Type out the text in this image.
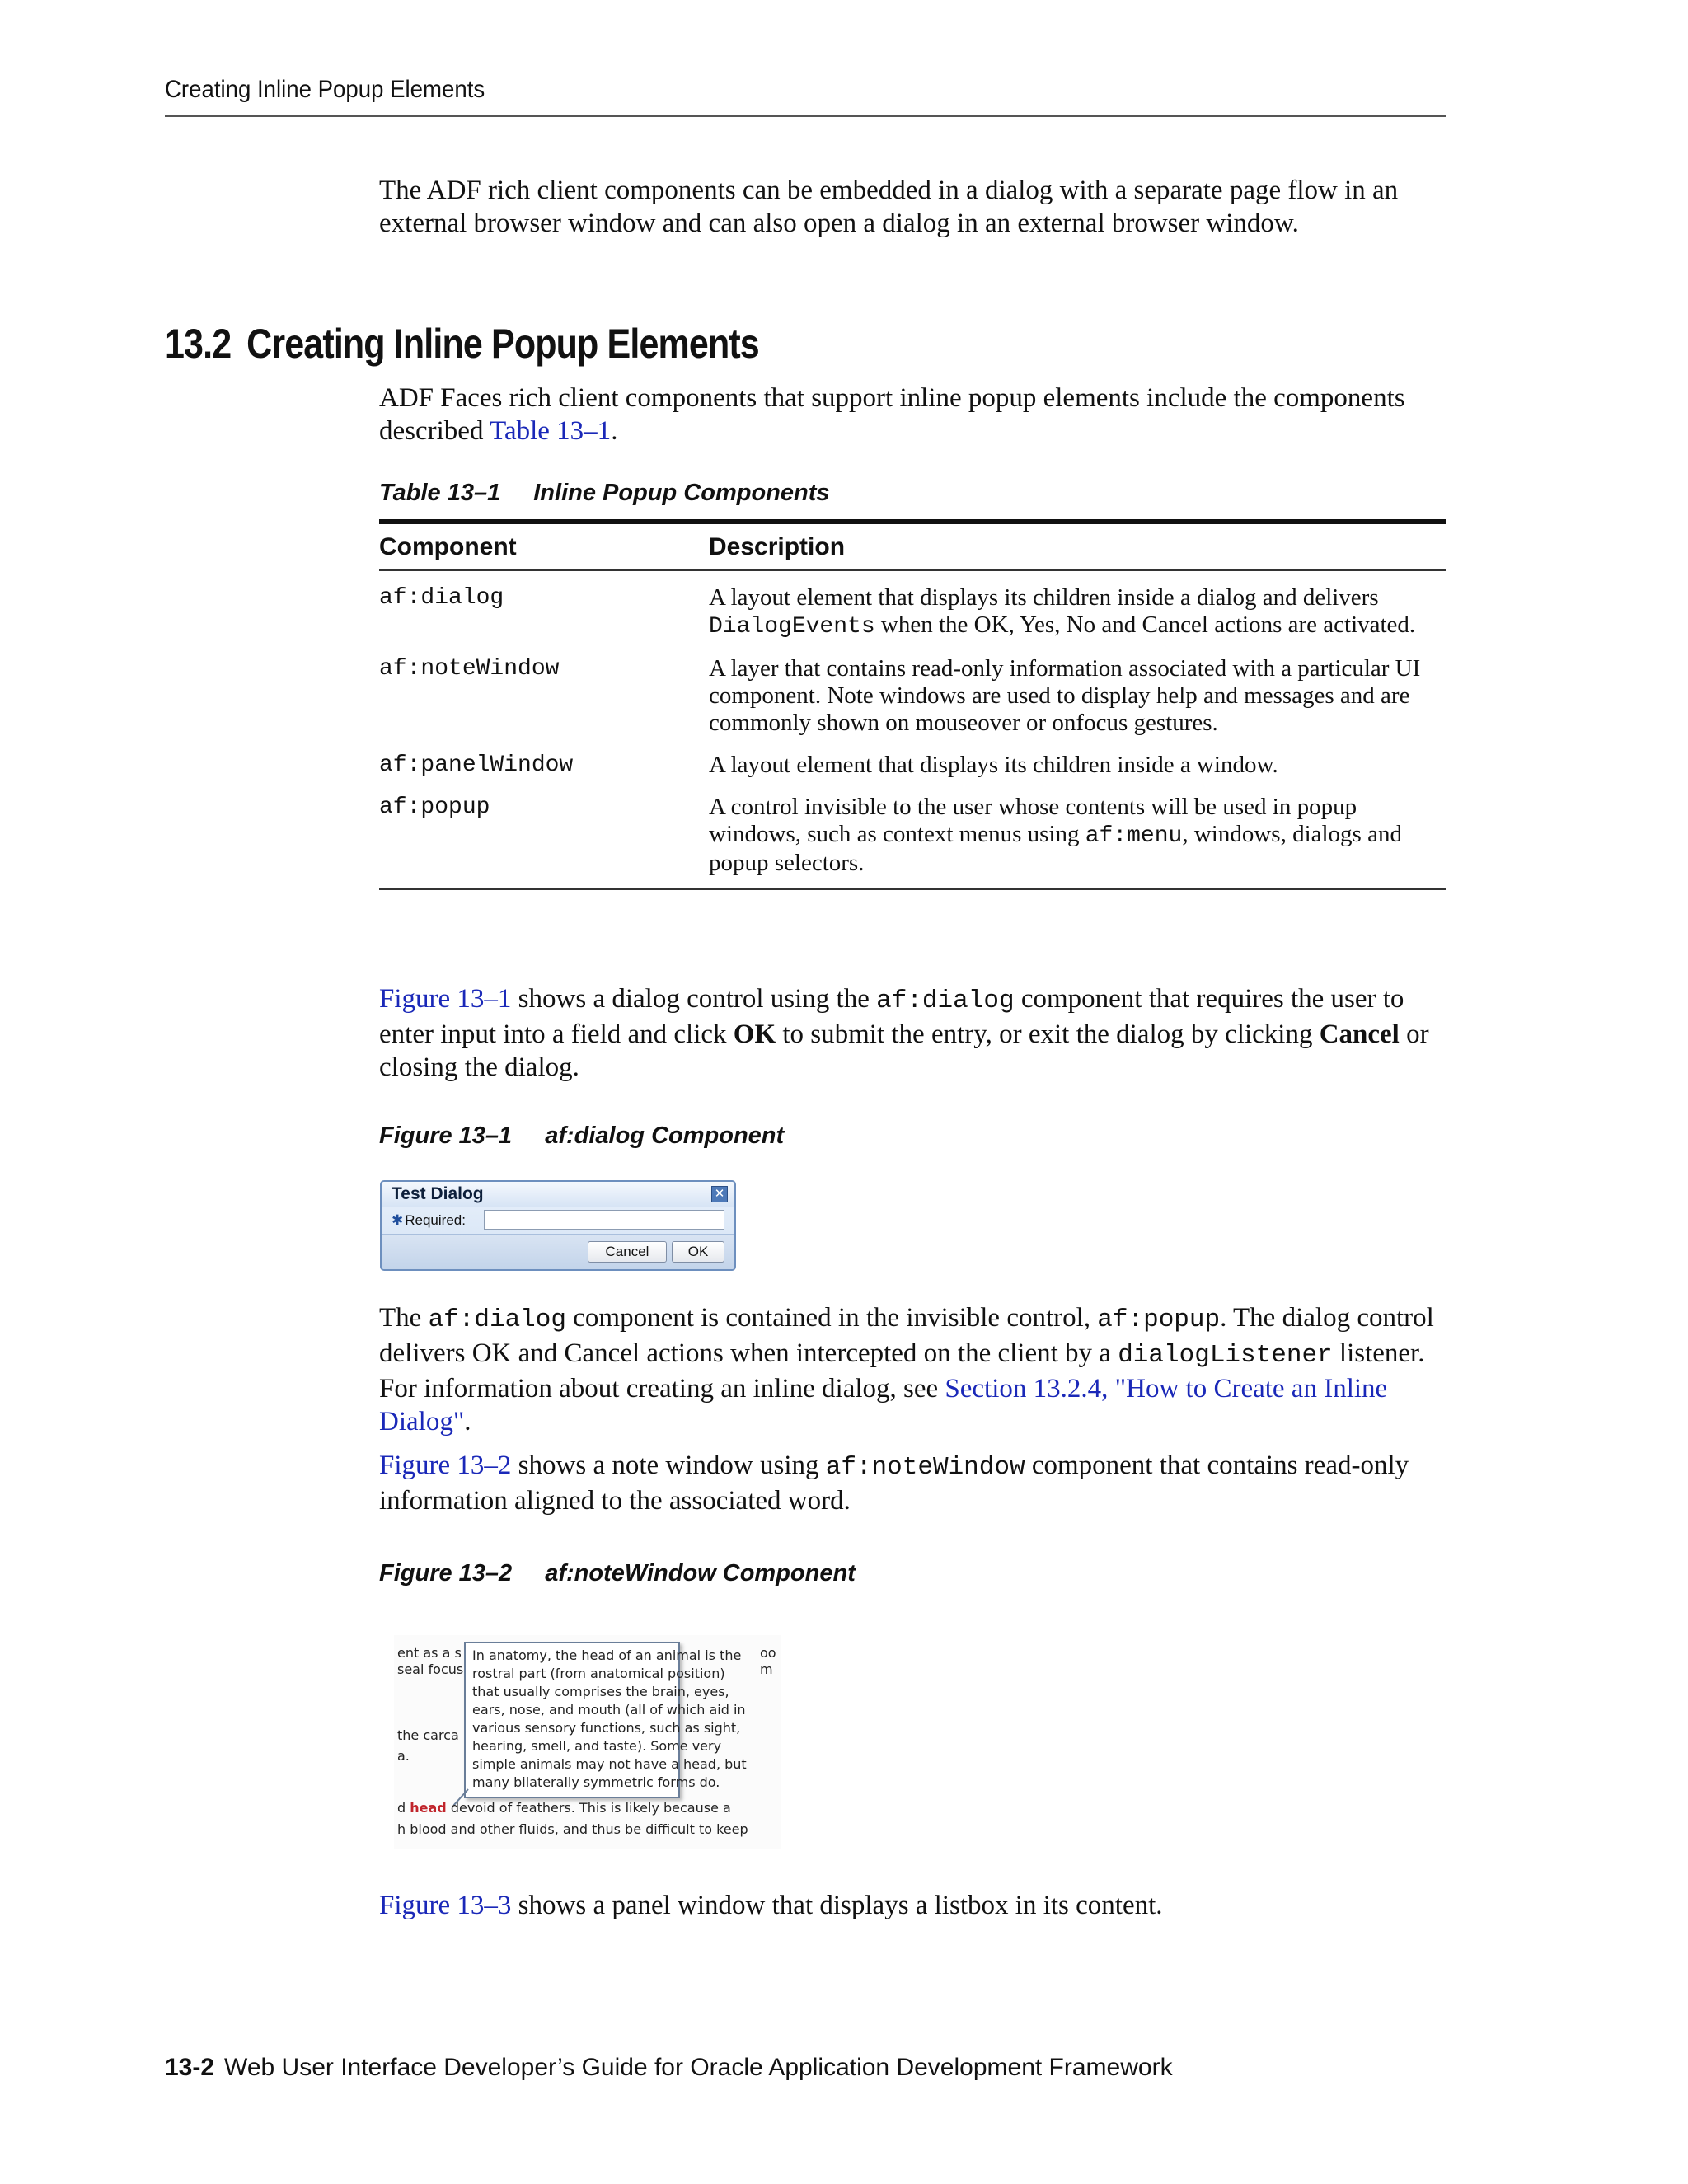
Creating Inline Popup Elements

The ADF rich client components can be embedded in a dialog with a separate page flow in an external browser window and can also open a dialog in an external browser window.

13.2 Creating Inline Popup Elements

ADF Faces rich client components that support inline popup elements include the components described Table 13–1.

Table 13–1 Inline Popup Components
Component	Description
af:dialog	A layout element that displays its children inside a dialog and delivers DialogEvents when the OK, Yes, No and Cancel actions are activated.
af:noteWindow	A layer that contains read-only information associated with a particular UI component. Note windows are used to display help and messages and are commonly shown on mouseover or onfocus gestures.
af:panelWindow	A layout element that displays its children inside a window.
af:popup	A control invisible to the user whose contents will be used in popup windows, such as context menus using af:menu, windows, dialogs and popup selectors.

Figure 13–1 shows a dialog control using the af:dialog component that requires the user to enter input into a field and click OK to submit the entry, or exit the dialog by clicking Cancel or closing the dialog.

Figure 13–1 af:dialog Component
Test Dialog	✕
✱ Required:
Cancel	OK

The af:dialog component is contained in the invisible control, af:popup. The dialog control delivers OK and Cancel actions when intercepted on the client by a dialogListener listener. For information about creating an inline dialog, see Section 13.2.4, "How to Create an Inline Dialog".

Figure 13–2 shows a note window using af:noteWindow component that contains read-only information aligned to the associated word.

Figure 13–2 af:noteWindow Component
ent as a s
seal focus
the carca
a.
oo
m
In anatomy, the head of an animal is the
rostral part (from anatomical position)
that usually comprises the brain, eyes,
ears, nose, and mouth (all of which aid in
various sensory functions, such as sight,
hearing, smell, and taste). Some very
simple animals may not have a head, but
many bilaterally symmetric forms do.
d head devoid of feathers. This is likely because a
h blood and other fluids, and thus be difficult to keep

Figure 13–3 shows a panel window that displays a listbox in its content.

13-2 Web User Interface Developer’s Guide for Oracle Application Development Framework
